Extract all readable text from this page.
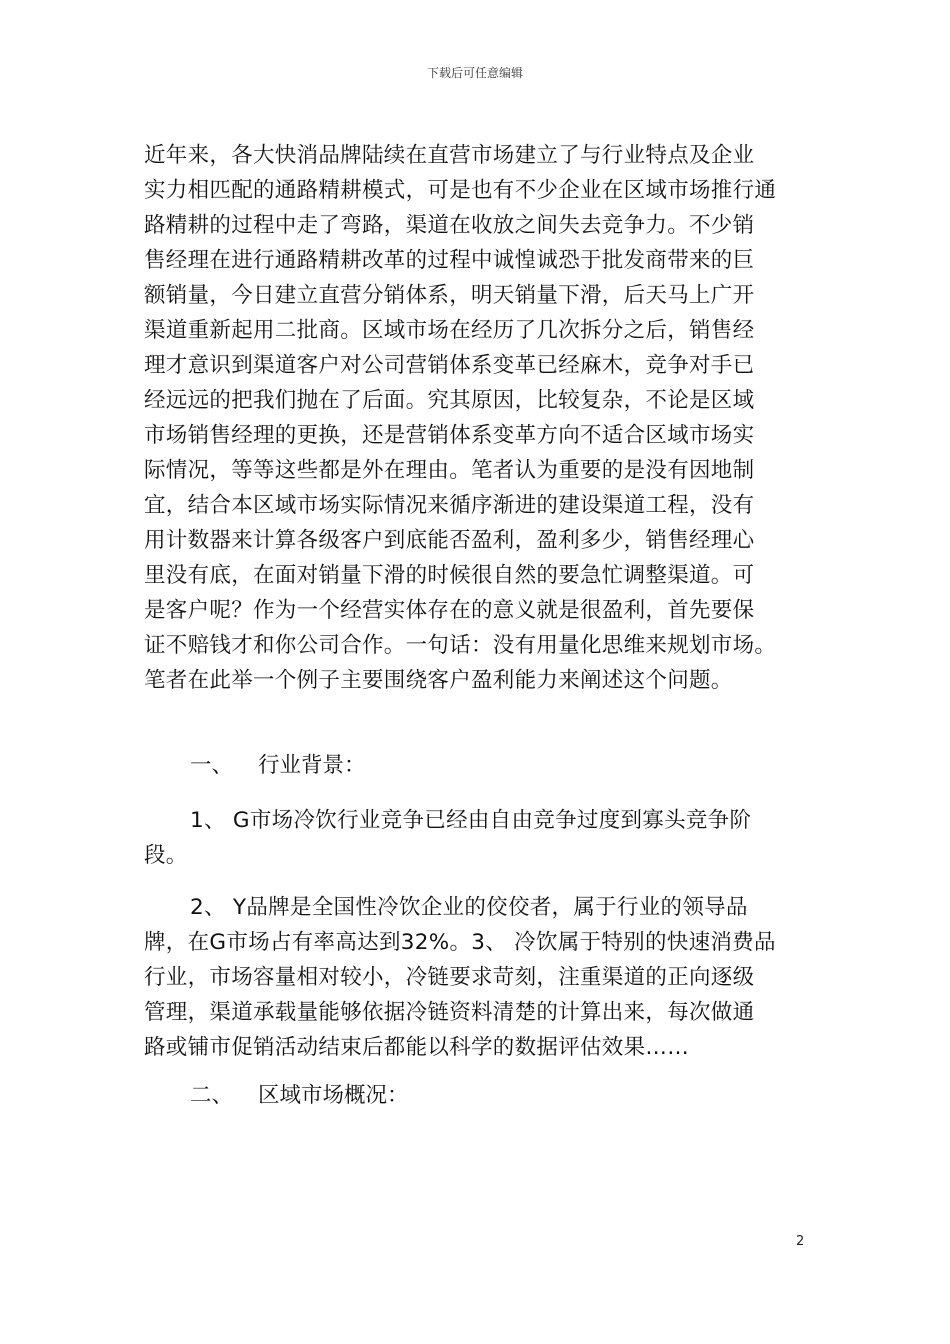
下载后可任意编辑
近年来，各大快消品牌陆续在直营市场建立了与行业特点及企业
实力相匹配的通路精耕模式，可是也有不少企业在区域市场推行通
路精耕的过程中走了弯路，渠道在收放之间失去竞争力。不少销
售经理在进行通路精耕改革的过程中诚惶诚恐于批发商带来的巨
额销量，今日建立直营分销体系，明天销量下滑，后天马上广开
渠道重新起用二批商。区域市场在经历了几次拆分之后，销售经
理才意识到渠道客户对公司营销体系变革已经麻木，竞争对手已
经远远的把我们抛在了后面。究其原因，比较复杂，不论是区域
市场销售经理的更换，还是营销体系变革方向不适合区域市场实
际情况，等等这些都是外在理由。笔者认为重要的是没有因地制
宜，结合本区域市场实际情况来循序渐进的建设渠道工程，没有
用计数器来计算各级客户到底能否盈利，盈利多少，销售经理心
里没有底，在面对销量下滑的时候很自然的要急忙调整渠道。可
是客户呢？作为一个经营实体存在的意义就是很盈利，首先要保
证不赔钱才和你公司合作。一句话：没有用量化思维来规划市场。
笔者在此举一个例子主要围绕客户盈利能力来阐述这个问题。
一、 行业背景：
1、 G市场冷饮行业竞争已经由自由竞争过度到寡头竞争阶
段。
2、 Y品牌是全国性冷饮企业的佼佼者，属于行业的领导品
牌，在G市场占有率高达到32%。3、 冷饮属于特别的快速消费品
行业，市场容量相对较小，冷链要求苛刻，注重渠道的正向逐级
管理，渠道承载量能够依据冷链资料清楚的计算出来，每次做通
路或铺市促销活动结束后都能以科学的数据评估效果……
二、 区域市场概况：
2
